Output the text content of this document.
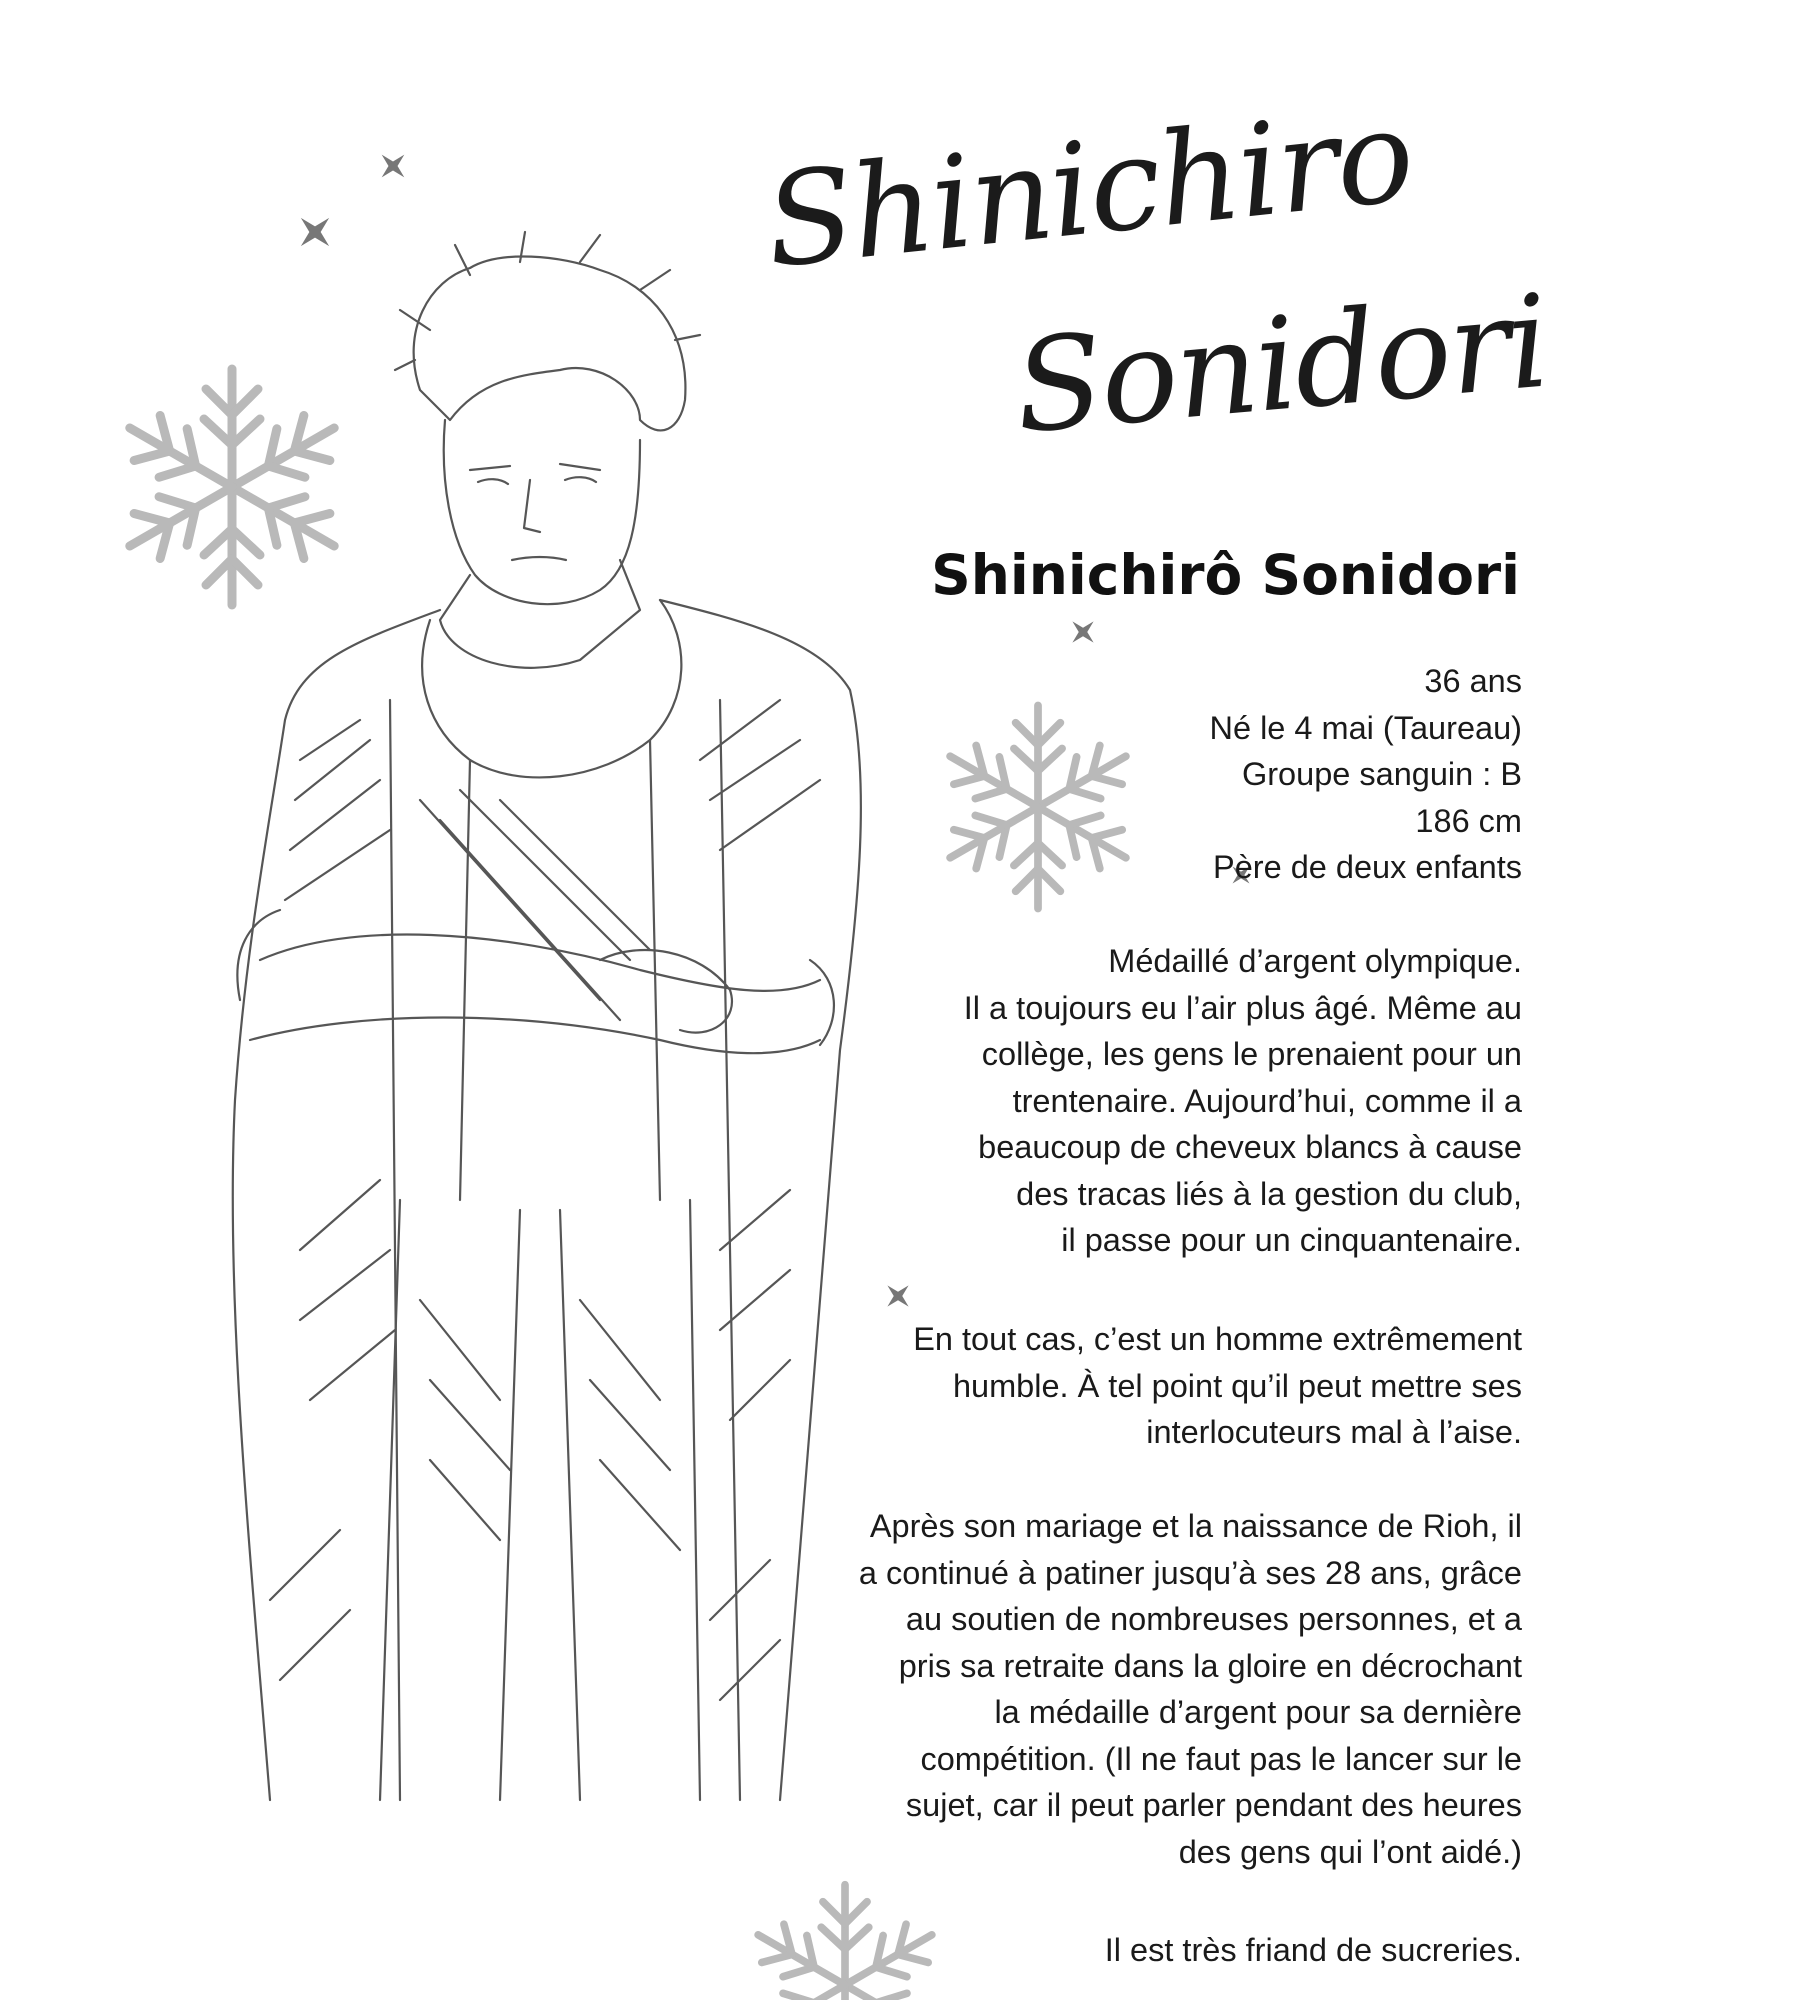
Shinichiro
Sonidori
Shinichirô Sonidori
36 ans
Né le 4 mai (Taureau)
Groupe sanguin : B
186 cm
Père de deux enfants
Médaillé d’argent olympique.
Il a toujours eu l’air plus âgé. Même au
collège, les gens le prenaient pour un
trentenaire. Aujourd’hui, comme il a
beaucoup de cheveux blancs à cause
des tracas liés à la gestion du club,
il passe pour un cinquantenaire.
En tout cas, c’est un homme extrêmement
humble. À tel point qu’il peut mettre ses
interlocuteurs mal à l’aise.
Après son mariage et la naissance de Rioh, il
a continué à patiner jusqu’à ses 28 ans, grâce
au soutien de nombreuses personnes, et a
pris sa retraite dans la gloire en décrochant
la médaille d’argent pour sa dernière
compétition. (Il ne faut pas le lancer sur le
sujet, car il peut parler pendant des heures
des gens qui l’ont aidé.)
Il est très friand de sucreries.
